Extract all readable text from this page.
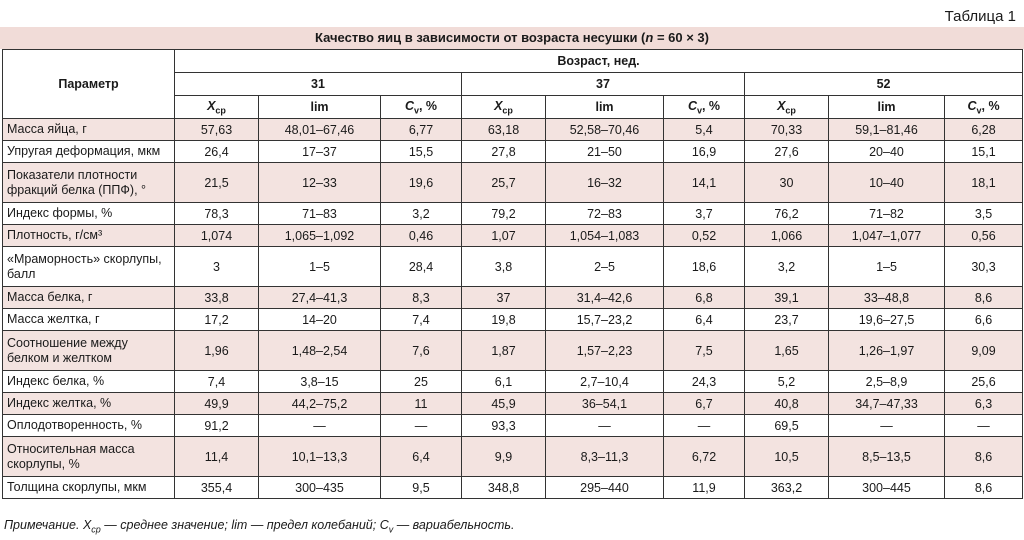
Таблица 1
Качество яиц в зависимости от возраста несушки (n = 60 × 3)
Параметр	Возраст, нед.								
	31			37			52		
	$X_{ср}$	lim	$C_v$, %	$X_{ср}$	lim	$C_v$, %	$X_{ср}$	lim	$C_v$, %
Масса яйца, г	57,63	48,01–67,46	6,77	63,18	52,58–70,46	5,4	70,33	59,1–81,46	6,28
Упругая деформация, мкм	26,4	17–37	15,5	27,8	21–50	16,9	27,6	20–40	15,1
Показатели плотности фракций белка (ППФ), °	21,5	12–33	19,6	25,7	16–32	14,1	30	10–40	18,1
Индекс формы, %	78,3	71–83	3,2	79,2	72–83	3,7	76,2	71–82	3,5
Плотность, г/см³	1,074	1,065–1,092	0,46	1,07	1,054–1,083	0,52	1,066	1,047–1,077	0,56
«Мраморность» скорлупы, балл	3	1–5	28,4	3,8	2–5	18,6	3,2	1–5	30,3
Масса белка, г	33,8	27,4–41,3	8,3	37	31,4–42,6	6,8	39,1	33–48,8	8,6
Масса желтка, г	17,2	14–20	7,4	19,8	15,7–23,2	6,4	23,7	19,6–27,5	6,6
Соотношение между белком и желтком	1,96	1,48–2,54	7,6	1,87	1,57–2,23	7,5	1,65	1,26–1,97	9,09
Индекс белка, %	7,4	3,8–15	25	6,1	2,7–10,4	24,3	5,2	2,5–8,9	25,6
Индекс желтка, %	49,9	44,2–75,2	11	45,9	36–54,1	6,7	40,8	34,7–47,33	6,3
Оплодотворенность, %	91,2	—	—	93,3	—	—	69,5	—	—
Относительная масса скорлупы, %	11,4	10,1–13,3	6,4	9,9	8,3–11,3	6,72	10,5	8,5–13,5	8,6
Толщина скорлупы, мкм	355,4	300–435	9,5	348,8	295–440	11,9	363,2	300–445	8,6
Примечание. $X_{ср}$ — среднее значение; lim — предел колебаний; $C_v$ — вариабельность.
